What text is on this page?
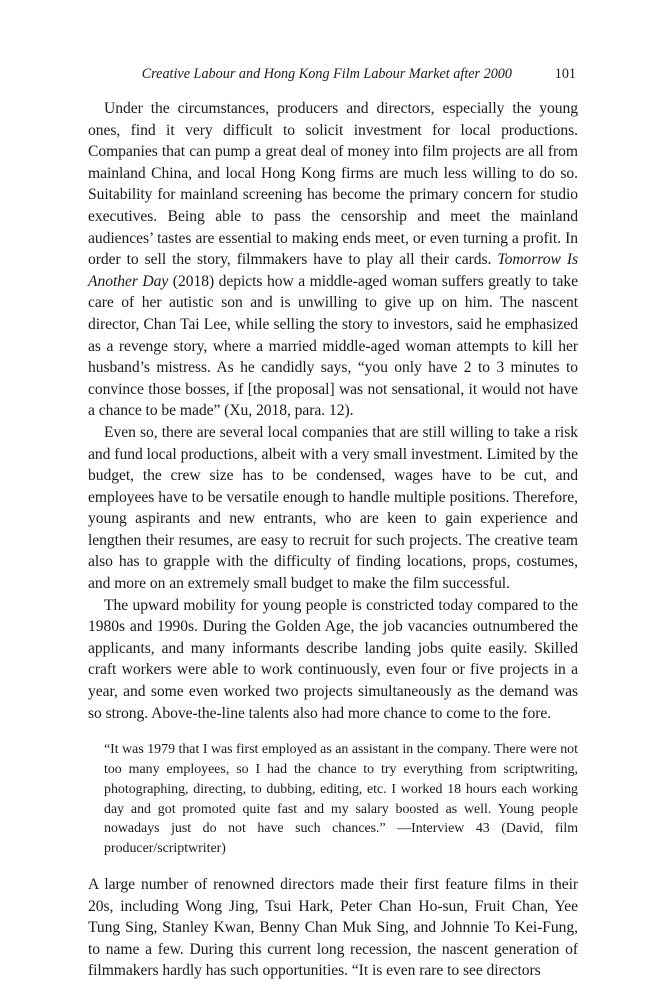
Creative Labour and Hong Kong Film Labour Market after 2000	101

Under the circumstances, producers and directors, especially the young ones, find it very difficult to solicit investment for local productions. Companies that can pump a great deal of money into film projects are all from mainland China, and local Hong Kong firms are much less willing to do so. Suitability for mainland screening has become the primary concern for studio executives. Being able to pass the censorship and meet the mainland audiences’ tastes are essential to making ends meet, or even turning a profit. In order to sell the story, filmmakers have to play all their cards. Tomorrow Is Another Day (2018) depicts how a middle-aged woman suffers greatly to take care of her autistic son and is unwilling to give up on him. The nascent director, Chan Tai Lee, while selling the story to investors, said he emphasized as a revenge story, where a married middle-aged woman attempts to kill her husband’s mistress. As he candidly says, “you only have 2 to 3 minutes to convince those bosses, if [the proposal] was not sensational, it would not have a chance to be made” (Xu, 2018, para. 12).

Even so, there are several local companies that are still willing to take a risk and fund local productions, albeit with a very small investment. Limited by the budget, the crew size has to be condensed, wages have to be cut, and employees have to be versatile enough to handle multiple positions. Therefore, young aspirants and new entrants, who are keen to gain experience and lengthen their resumes, are easy to recruit for such projects. The creative team also has to grapple with the difficulty of finding locations, props, costumes, and more on an extremely small budget to make the film successful.

The upward mobility for young people is constricted today compared to the 1980s and 1990s. During the Golden Age, the job vacancies outnumbered the applicants, and many informants describe landing jobs quite easily. Skilled craft workers were able to work continuously, even four or five projects in a year, and some even worked two projects simultaneously as the demand was so strong. Above-the-line talents also had more chance to come to the fore.

“It was 1979 that I was first employed as an assistant in the company. There were not too many employees, so I had the chance to try everything from scriptwriting, photographing, directing, to dubbing, editing, etc. I worked 18 hours each working day and got promoted quite fast and my salary boosted as well. Young people nowadays just do not have such chances.” —Interview 43 (David, film producer/scriptwriter)

A large number of renowned directors made their first feature films in their 20s, including Wong Jing, Tsui Hark, Peter Chan Ho-sun, Fruit Chan, Yee Tung Sing, Stanley Kwan, Benny Chan Muk Sing, and Johnnie To Kei-Fung, to name a few. During this current long recession, the nascent generation of filmmakers hardly has such opportunities. “It is even rare to see directors
